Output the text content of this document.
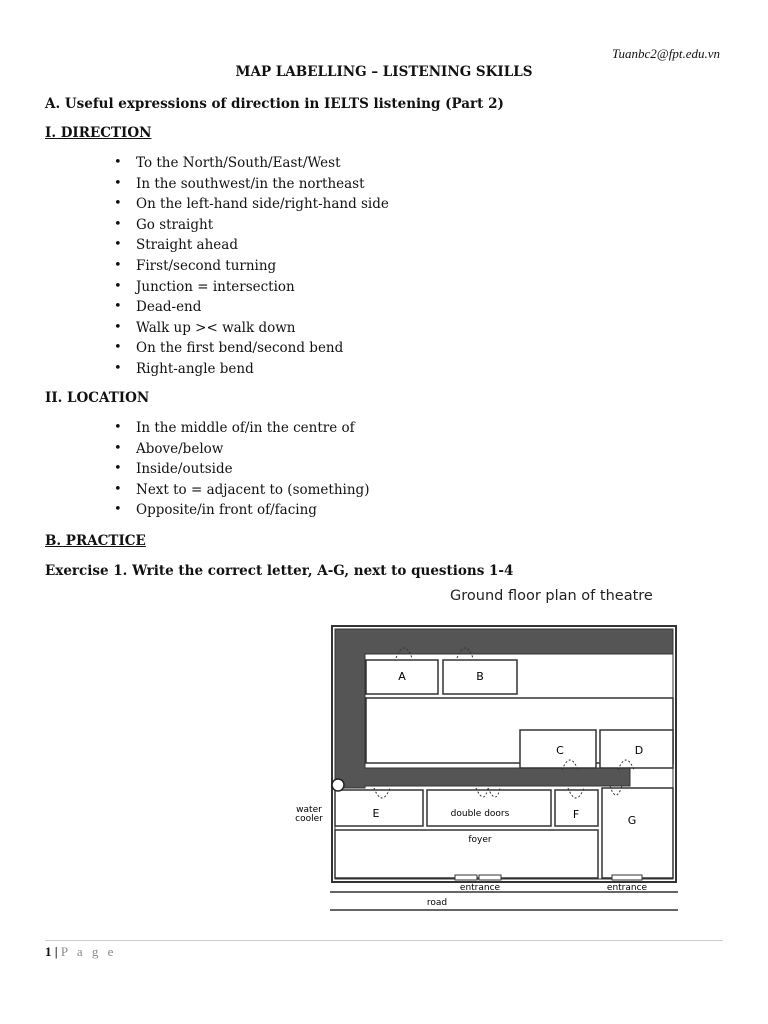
Tuanbc2@fpt.edu.vn
MAP LABELLING – LISTENING SKILLS

A. Useful expressions of direction in IELTS listening (Part 2)

I. DIRECTION

• To the North/South/East/West
• In the southwest/in the northeast
• On the left-hand side/right-hand side
• Go straight
• Straight ahead
• First/second turning
• Junction = intersection
• Dead-end
• Walk up >< walk down
• On the first bend/second bend
• Right-angle bend

II. LOCATION

• In the middle of/in the centre of
• Above/below
• Inside/outside
• Next to = adjacent to (something)
• Opposite/in front of/facing

B. PRACTICE

Exercise 1. Write the correct letter, A-G, next to questions 1-4

Ground floor plan of theatre
A	B
C	D
E	F	G
water
cooler	double doors
foyer
entrance	entrance
road
1 | P a g e
